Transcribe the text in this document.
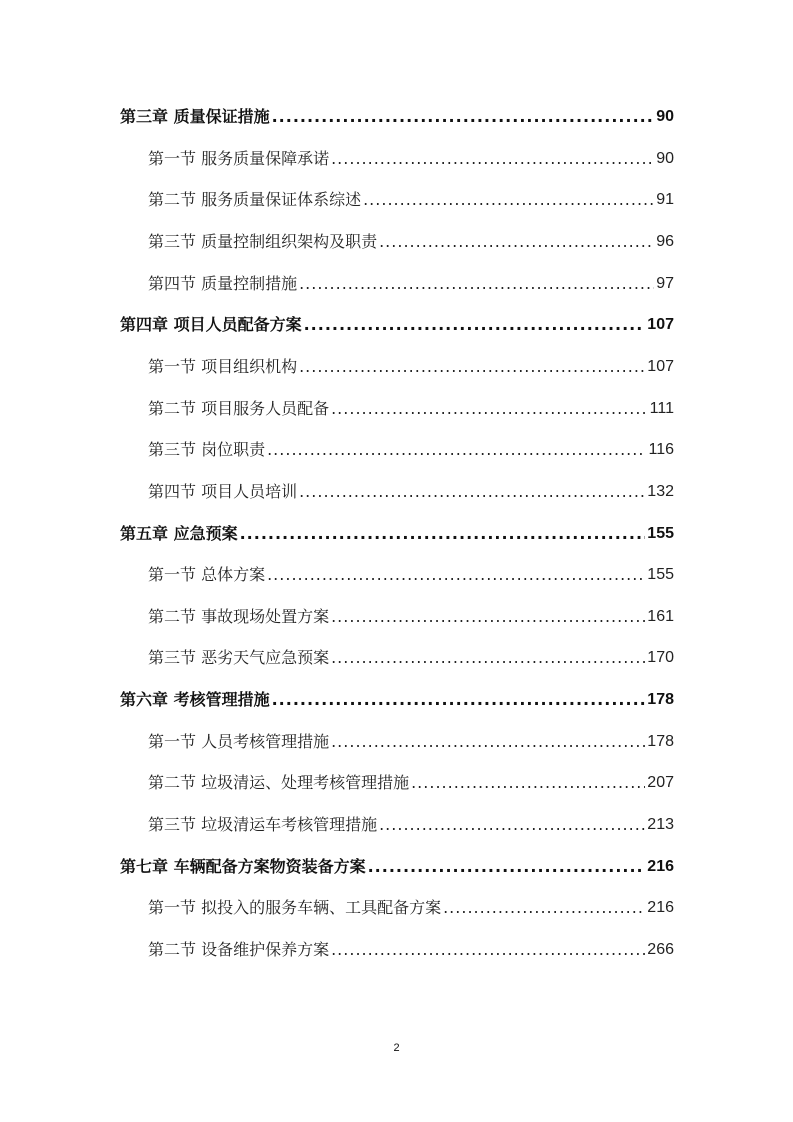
第三章 质量保证措施 .....	90
第一节 服务质量保障承诺 .....	90
第二节 服务质量保证体系综述 .....	91
第三节 质量控制组织架构及职责 .....	96
第四节 质量控制措施 .....	97
第四章 项目人员配备方案 .....	107
第一节 项目组织机构 .....	107
第二节 项目服务人员配备 .....	111
第三节 岗位职责 .....	116
第四节 项目人员培训 .....	132
第五章 应急预案 .....	155
第一节 总体方案 .....	155
第二节 事故现场处置方案 .....	161
第三节 恶劣天气应急预案 .....	170
第六章 考核管理措施 .....	178
第一节 人员考核管理措施 .....	178
第二节 垃圾清运、处理考核管理措施 .....	207
第三节 垃圾清运车考核管理措施 .....	213
第七章 车辆配备方案物资装备方案 .....	216
第一节 拟投入的服务车辆、工具配备方案 .....	216
第二节 设备维护保养方案 .....	266
2
